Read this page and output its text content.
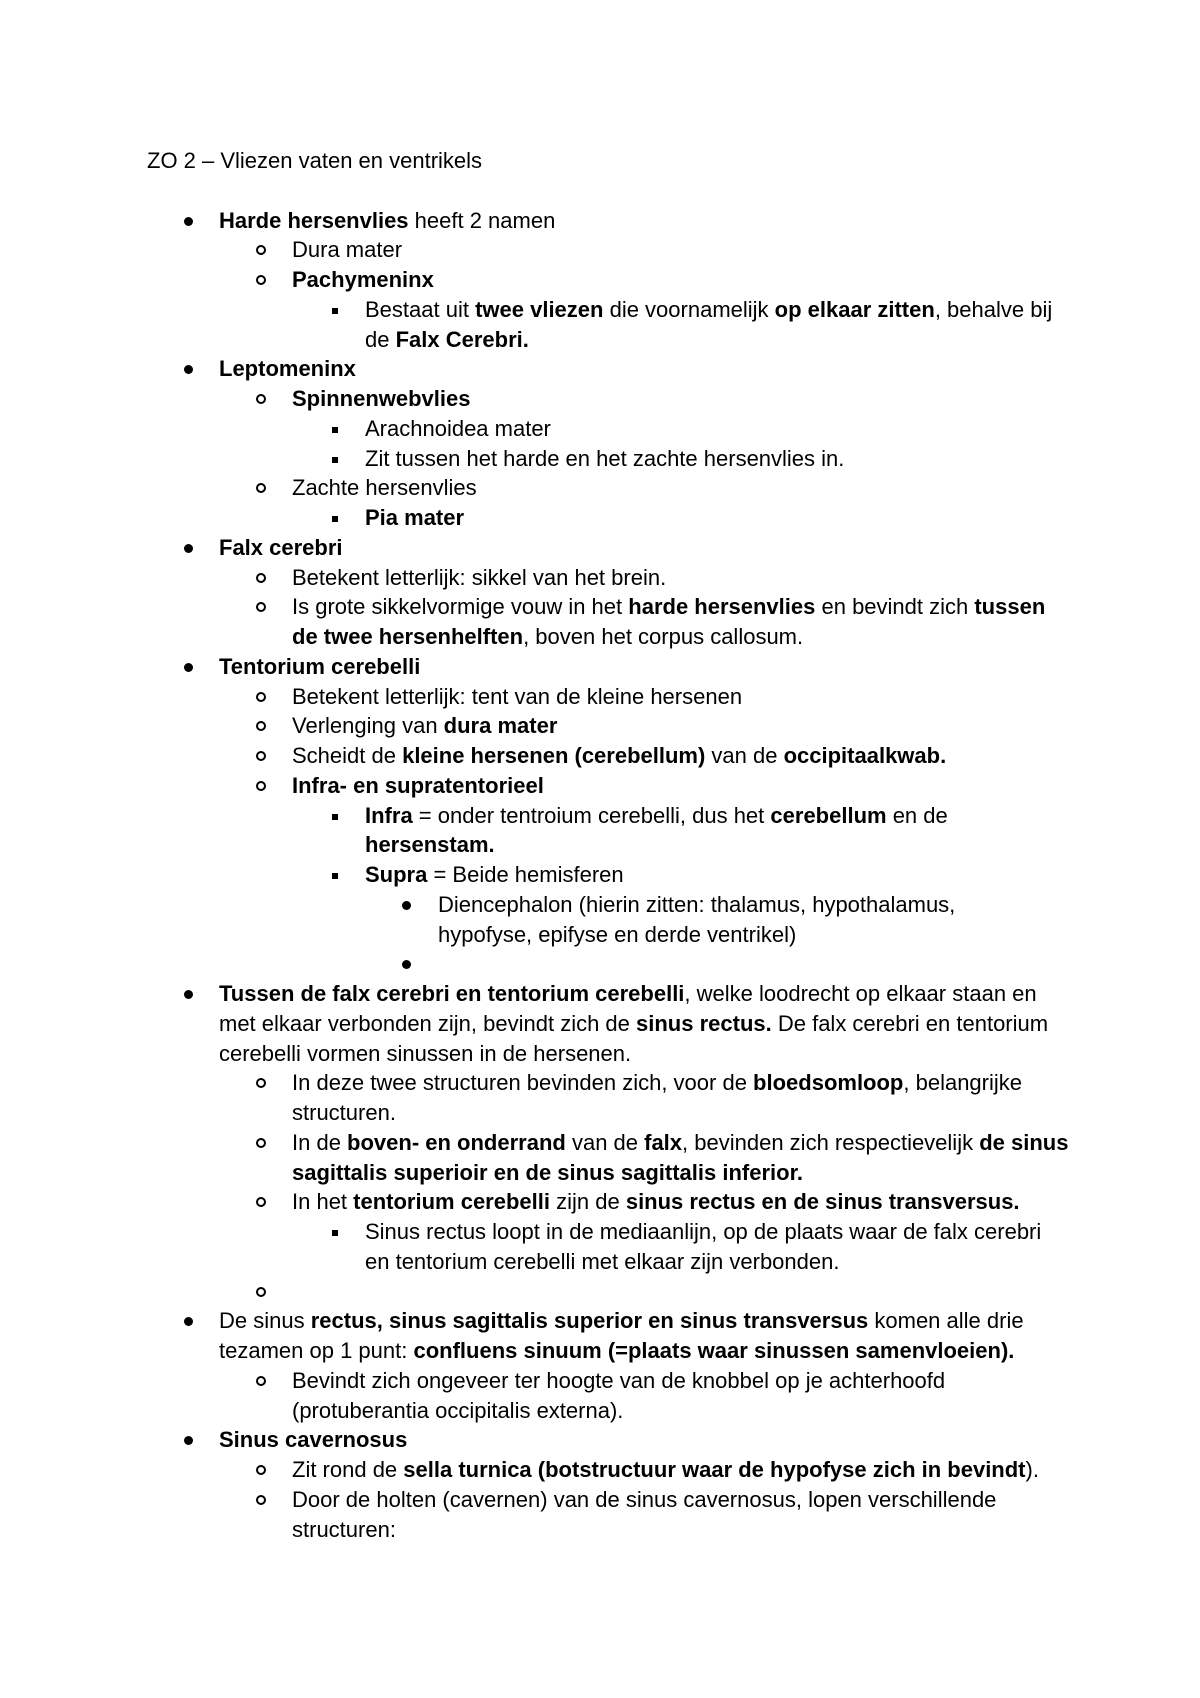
ZO 2 – Vliezen vaten en ventrikels
Harde hersenvlies heeft 2 namen
Dura mater
Pachymeninx
Bestaat uit twee vliezen die voornamelijk op elkaar zitten, behalve bij
de Falx Cerebri.
Leptomeninx
Spinnenwebvlies
Arachnoidea mater
Zit tussen het harde en het zachte hersenvlies in.
Zachte hersenvlies
Pia mater
Falx cerebri
Betekent letterlijk: sikkel van het brein.
Is grote sikkelvormige vouw in het harde hersenvlies en bevindt zich tussen
de twee hersenhelften, boven het corpus callosum.
Tentorium cerebelli
Betekent letterlijk: tent van de kleine hersenen
Verlenging van dura mater
Scheidt de kleine hersenen (cerebellum) van de occipitaalkwab.
Infra- en supratentorieel
Infra = onder tentroium cerebelli, dus het cerebellum en de
hersenstam.
Supra = Beide hemisferen
Diencephalon (hierin zitten: thalamus, hypothalamus,
hypofyse, epifyse en derde ventrikel)
Tussen de falx cerebri en tentorium cerebelli, welke loodrecht op elkaar staan en
met elkaar verbonden zijn, bevindt zich de sinus rectus. De falx cerebri en tentorium
cerebelli vormen sinussen in de hersenen.
In deze twee structuren bevinden zich, voor de bloedsomloop, belangrijke
structuren.
In de boven- en onderrand van de falx, bevinden zich respectievelijk de sinus
sagittalis superioir en de sinus sagittalis inferior.
In het tentorium cerebelli zijn de sinus rectus en de sinus transversus.
Sinus rectus loopt in de mediaanlijn, op de plaats waar de falx cerebri
en tentorium cerebelli met elkaar zijn verbonden.
De sinus rectus, sinus sagittalis superior en sinus transversus komen alle drie
tezamen op 1 punt: confluens sinuum (=plaats waar sinussen samenvloeien).
Bevindt zich ongeveer ter hoogte van de knobbel op je achterhoofd
(protuberantia occipitalis externa).
Sinus cavernosus
Zit rond de sella turnica (botstructuur waar de hypofyse zich in bevindt).
Door de holten (cavernen) van de sinus cavernosus, lopen verschillende
structuren:
